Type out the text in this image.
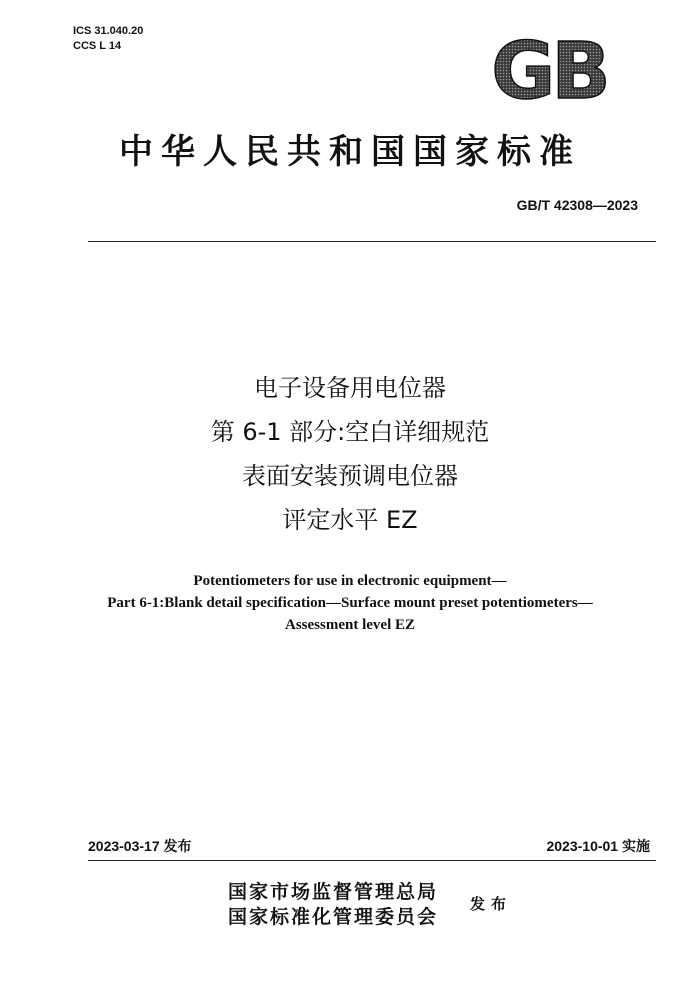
ICS 31.040.20
CCS L 14	GB
中华人民共和国国家标准
GB/T 42308—2023
电子设备用电位器
第 6-1 部分:空白详细规范
表面安装预调电位器
评定水平 EZ
Potentiometers for use in electronic equipment—
Part 6-1:Blank detail specification—Surface mount preset potentiometers—
Assessment level EZ
2023-03-17 发布	2023-10-01 实施
国家市场监督管理总局
国家标准化管理委员会
发布
